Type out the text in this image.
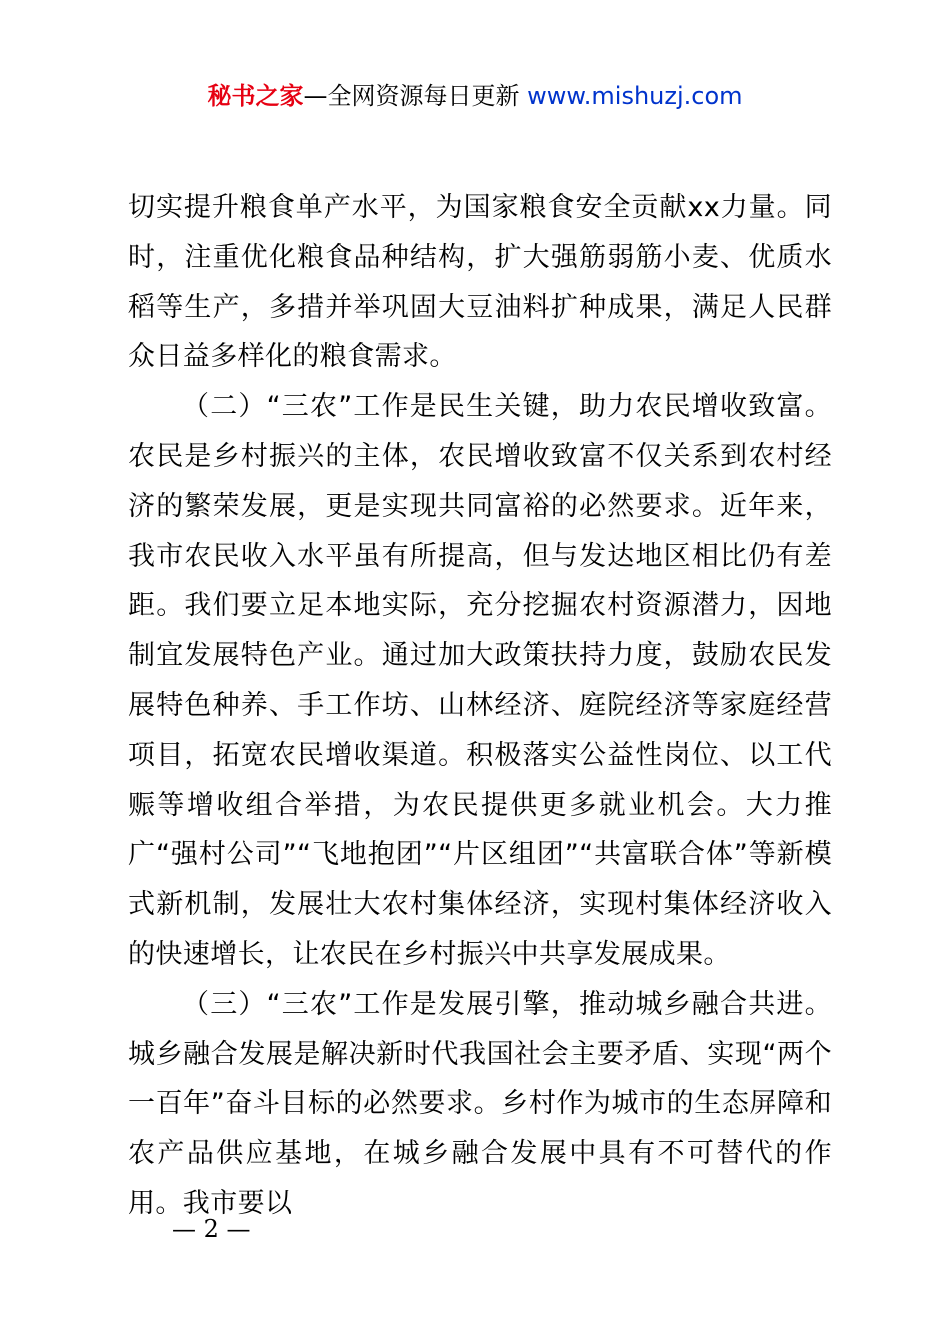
秘书之家—全网资源每日更新 www.mishuzj.com

切实提升粮食单产水平，为国家粮食安全贡献xx力量。同时，注重优化粮食品种结构，扩大强筋弱筋小麦、优质水稻等生产，多措并举巩固大豆油料扩种成果，满足人民群众日益多样化的粮食需求。

（二）“三农”工作是民生关键，助力农民增收致富。农民是乡村振兴的主体，农民增收致富不仅关系到农村经济的繁荣发展，更是实现共同富裕的必然要求。近年来，我市农民收入水平虽有所提高，但与发达地区相比仍有差距。我们要立足本地实际，充分挖掘农村资源潜力，因地制宜发展特色产业。通过加大政策扶持力度，鼓励农民发展特色种养、手工作坊、山林经济、庭院经济等家庭经营项目，拓宽农民增收渠道。积极落实公益性岗位、以工代赈等增收组合举措，为农民提供更多就业机会。大力推广“强村公司”“飞地抱团”“片区组团”“共富联合体”等新模式新机制，发展壮大农村集体经济，实现村集体经济收入的快速增长，让农民在乡村振兴中共享发展成果。

（三）“三农”工作是发展引擎，推动城乡融合共进。城乡融合发展是解决新时代我国社会主要矛盾、实现“两个一百年”奋斗目标的必然要求。乡村作为城市的生态屏障和农产品供应基地，在城乡融合发展中具有不可替代的作用。我市要以

— 2 —
